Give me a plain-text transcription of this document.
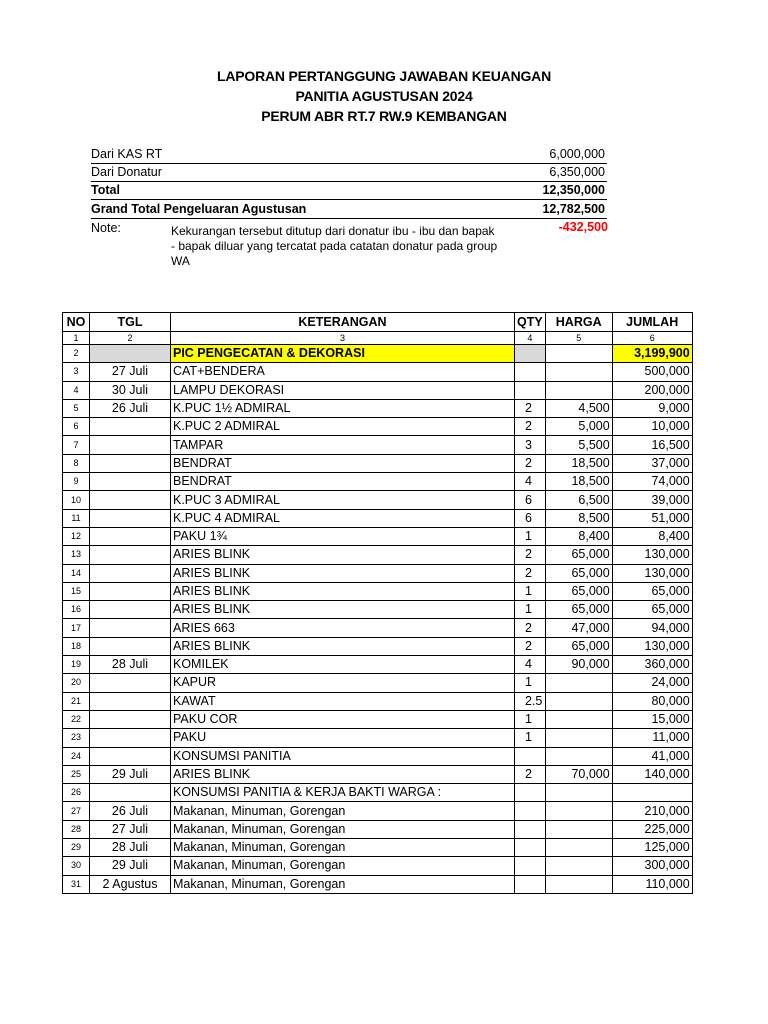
LAPORAN PERTANGGUNG JAWABAN KEUANGAN
PANITIA AGUSTUSAN 2024
PERUM ABR RT.7 RW.9 KEMBANGAN
Dari KAS RT	6,000,000
Dari Donatur	6,350,000
Total	12,350,000
Grand Total Pengeluaran Agustusan	12,782,500
Note:	Kekurangan tersebut ditutup dari donatur ibu - ibu dan bapak - bapak diluar yang tercatat pada catatan donatur pada group WA
-432,500
NO	TGL	KETERANGAN	QTY	HARGA	JUMLAH
1	2	3	4	5	6
2		PIC PENGECATAN & DEKORASI			3,199,900
3	27 Juli	CAT+BENDERA			500,000
4	30 Juli	LAMPU DEKORASI			200,000
5	26 Juli	K.PUC 1½ ADMIRAL	2	4,500	9,000
6		K.PUC 2 ADMIRAL	2	5,000	10,000
7		TAMPAR	3	5,500	16,500
8		BENDRAT	2	18,500	37,000
9		BENDRAT	4	18,500	74,000
10		K.PUC 3 ADMIRAL	6	6,500	39,000
11		K.PUC 4 ADMIRAL	6	8,500	51,000
12		PAKU 1¾	1	8,400	8,400
13		ARIES BLINK	2	65,000	130,000
14		ARIES BLINK	2	65,000	130,000
15		ARIES BLINK	1	65,000	65,000
16		ARIES BLINK	1	65,000	65,000
17		ARIES 663	2	47,000	94,000
18		ARIES BLINK	2	65,000	130,000
19	28 Juli	KOMILEK	4	90,000	360,000
20		KAPUR	1		24,000
21		KAWAT	2.5		80,000
22		PAKU COR	1		15,000
23		PAKU	1		11,000
24		KONSUMSI PANITIA			41,000
25	29 Juli	ARIES BLINK	2	70,000	140,000
26		KONSUMSI PANITIA & KERJA BAKTI WARGA :			
27	26 Juli	Makanan, Minuman, Gorengan			210,000
28	27 Juli	Makanan, Minuman, Gorengan			225,000
29	28 Juli	Makanan, Minuman, Gorengan			125,000
30	29 Juli	Makanan, Minuman, Gorengan			300,000
31	2 Agustus	Makanan, Minuman, Gorengan			110,000
